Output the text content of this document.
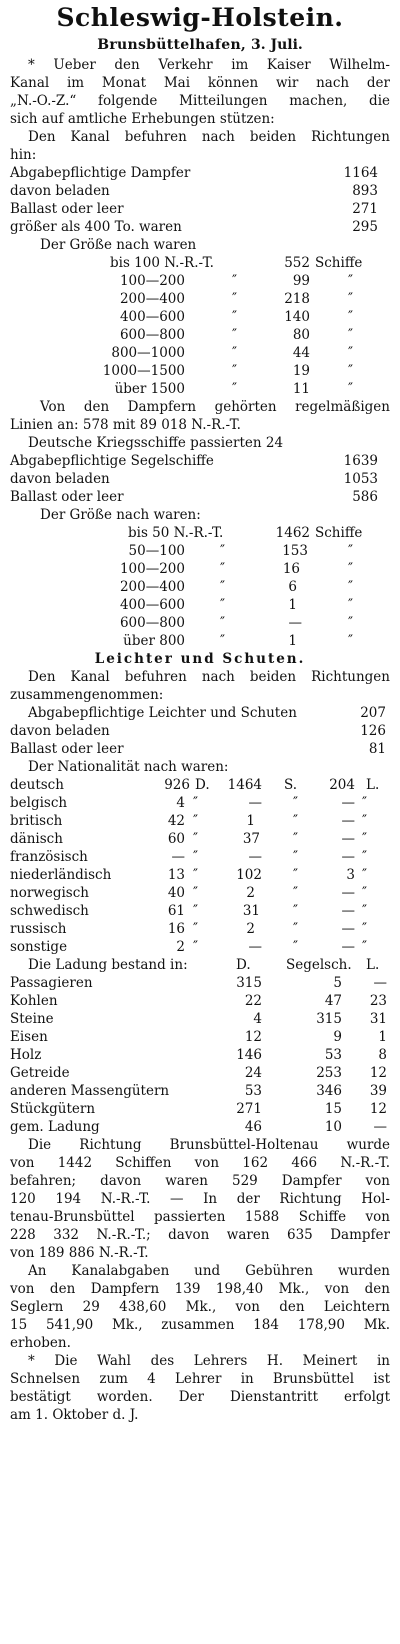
Schleswig-Holstein.
Brunsbüttelhafen, 3. Juli.
* Ueber den Verkehr im Kaiser Wilhelm-
Kanal im Monat Mai können wir nach der
„N.-O.-Z.“ folgende Mitteilungen machen, die
sich auf amtliche Erhebungen stützen:
Den Kanal befuhren nach beiden Richtungen
hin:
Abgabepflichtige Dampfer	1164
davon beladen	893
Ballast oder leer	271
größer als 400 To. waren	295
Der Größe nach waren
bis 100 N.-R.-T.	552 Schiffe
100—200	″	99	″
200—400	″	218	″
400—600	″	140	″
600—800	″	80	″
800—1000	″	44	″
1000—1500	″	19	″
über 1500	″	11	″
Von den Dampfern gehörten regelmäßigen
Linien an: 578 mit 89 018 N.-R.-T.
Deutsche Kriegsschiffe passierten 24
Abgabepflichtige Segelschiffe	1639
davon beladen	1053
Ballast oder leer	586
Der Größe nach waren:
bis 50 N.-R.-T.	1462 Schiffe
50—100	″	153	″
100—200	″	16	″
200—400	″	6	″
400—600	″	1	″
600—800	″	—	″
über 800	″	1	″
Leichter und Schuten.
Den Kanal befuhren nach beiden Richtungen
zusammengenommen:
Abgabepflichtige Leichter und Schuten	207
davon beladen	126
Ballast oder leer	81
Der Nationalität nach waren:
deutsch	926 D. 1464 S. 204 L.
belgisch	4 ″	— ″	— ″
britisch	42 ″	1	″	— ″
dänisch	60 ″	37 ″	— ″
französisch	— ″	— ″	— ″
niederländisch	13 ″	102 ″	3 ″
norwegisch	40 ″	2	″	— ″
schwedisch	61 ″	31 ″	— ″
russisch	16 ″	2	″	— ″
sonstige	2 ″	— ″	— ″
Die Ladung bestand in:	D.	Segelsch. L.
Passagieren	315	5 —
Kohlen	22	47 23
Steine	4	315 31
Eisen	12	9	1
Holz	146	53	8
Getreide	24	253 12
anderen Massengütern	53	346 39
Stückgütern	271	15 12
gem. Ladung	46	10 —
Die Richtung Brunsbüttel-Holtenau wurde
von 1442 Schiffen von 162 466 N.-R.-T.
befahren; davon waren 529 Dampfer von
120 194 N.-R.-T. — In der Richtung Hol-
tenau-Brunsbüttel passierten 1588 Schiffe von
228 332 N.-R.-T.; davon waren 635 Dampfer
von 189 886 N.-R.-T.
An Kanalabgaben und Gebühren wurden
von den Dampfern 139 198,40 Mk., von den
Seglern 29 438,60 Mk., von den Leichtern
15 541,90 Mk., zusammen 184 178,90 Mk.
erhoben.
* Die Wahl des Lehrers H. Meinert in
Schnelsen zum 4 Lehrer in Brunsbüttel ist
bestätigt worden. Der Dienstantritt erfolgt
am 1. Oktober d. J.
